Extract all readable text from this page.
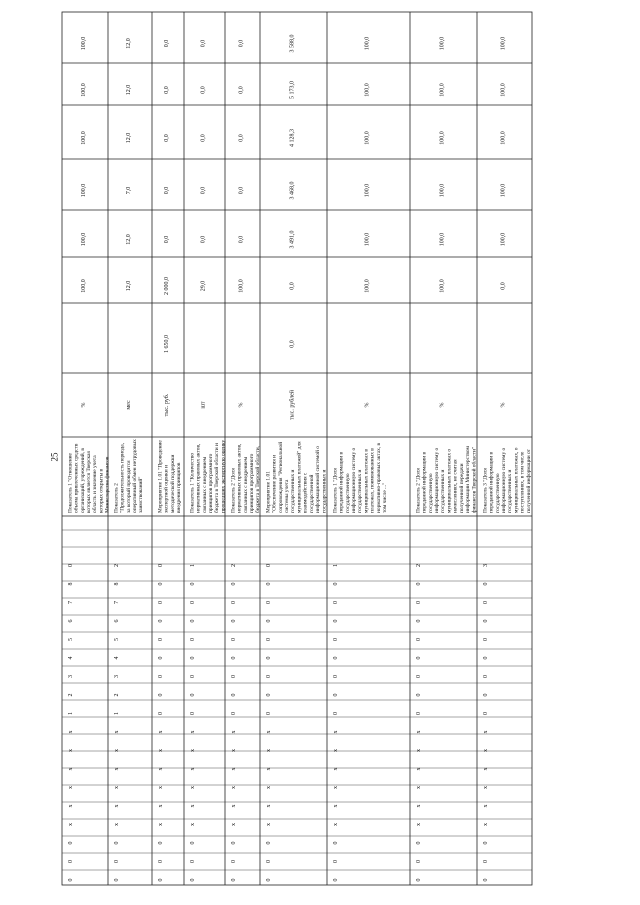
25
0
0
0
x
x
x
x
x
x
1
2
3
4
5
6
7
8
0
Показатель 1 "Отношение объема привлеченных средств организаций, учреждений, в которых является Тверская область и значение учета которых открыты в Министерстве финансов
%
100,0
100,0
100,0
100,0
100,0
100,0
0
0
0
x
x
x
x
x
x
1
2
3
4
5
6
7
8
2
Показатель 2 "Продолжительность периода, за который проводится оперативный обмен нетрудовых заимствований"
мес
12,0
12,0
7,0
12,0
12,0
12,0
0
0
0
x
x
x
x
x
x
0
0
0
0
0
0
0
0
0
Мероприятие 1.01 "Проведение экспертной оценки и методической поддержки внедрения принципов
тыс. руб.
1 650,0
2 000,0
0,0
0,0
0,0
0,0
0,0
0
0
0
x
x
x
x
x
x
0
0
0
0
0
0
0
0
1
Показатель 1 "Количество нормативных правовых актов, связанных с внедрением принципов программного бюджета в Тверской области и прошедших экспертную оценку
шт
29,0
0,0
0,0
0,0
0,0
0,0
0
0
0
x
x
x
x
x
x
0
0
0
0
0
0
0
0
2
Показатель 2 "Доля нормативных правовых актов, связанных с внедрением принципов программного бюджета в Тверской области,
%
100,0
0,0
0,0
0,0
0,0
0,0
0
0
0
x
x
x
x
x
x
0
0
0
0
0
0
0
0
0
Мероприятие 1.01 "Обеспечение развития и сопровождения "Региональной системы учета государственных и муниципальных платежей" для взаимодействия с государственной информационной системой о государственных и
тыс. рублей
0,0
0,0
3 491,0
3 468,0
4 128,3
5 173,0
3 588,0
0
0
0
x
x
x
x
x
x
0
0
0
0
0
0
0
0
1
Показатель 1 "Доля переданной информации в государственную информационную систему о государственных и муниципальных платежах в платежах, поименованных в нормативно-правовых актах, в том числе ..."
%
100,0
100,0
100,0
100,0
100,0
100,0
0
0
0
x
x
x
x
x
x
0
0
0
0
0
0
0
0
2
Показатель 2 "Доля переданной информации в государственную информационную систему о государственных и муниципальных платежах о начислениях, не считая полученной передачи информации Министерством финансов Тверской области"
%
100,0
100,0
100,0
100,0
100,0
100,0
0
0
0
x
x
x
x
x
x
0
0
0
0
0
0
0
0
3
Показатель 3 "Доля переданной информации в государственную информационную систему о государственных и муниципальных платежах, о поступлениях, в том числе полученной информации от
%
0,0
100,0
100,0
100,0
100,0
100,0
